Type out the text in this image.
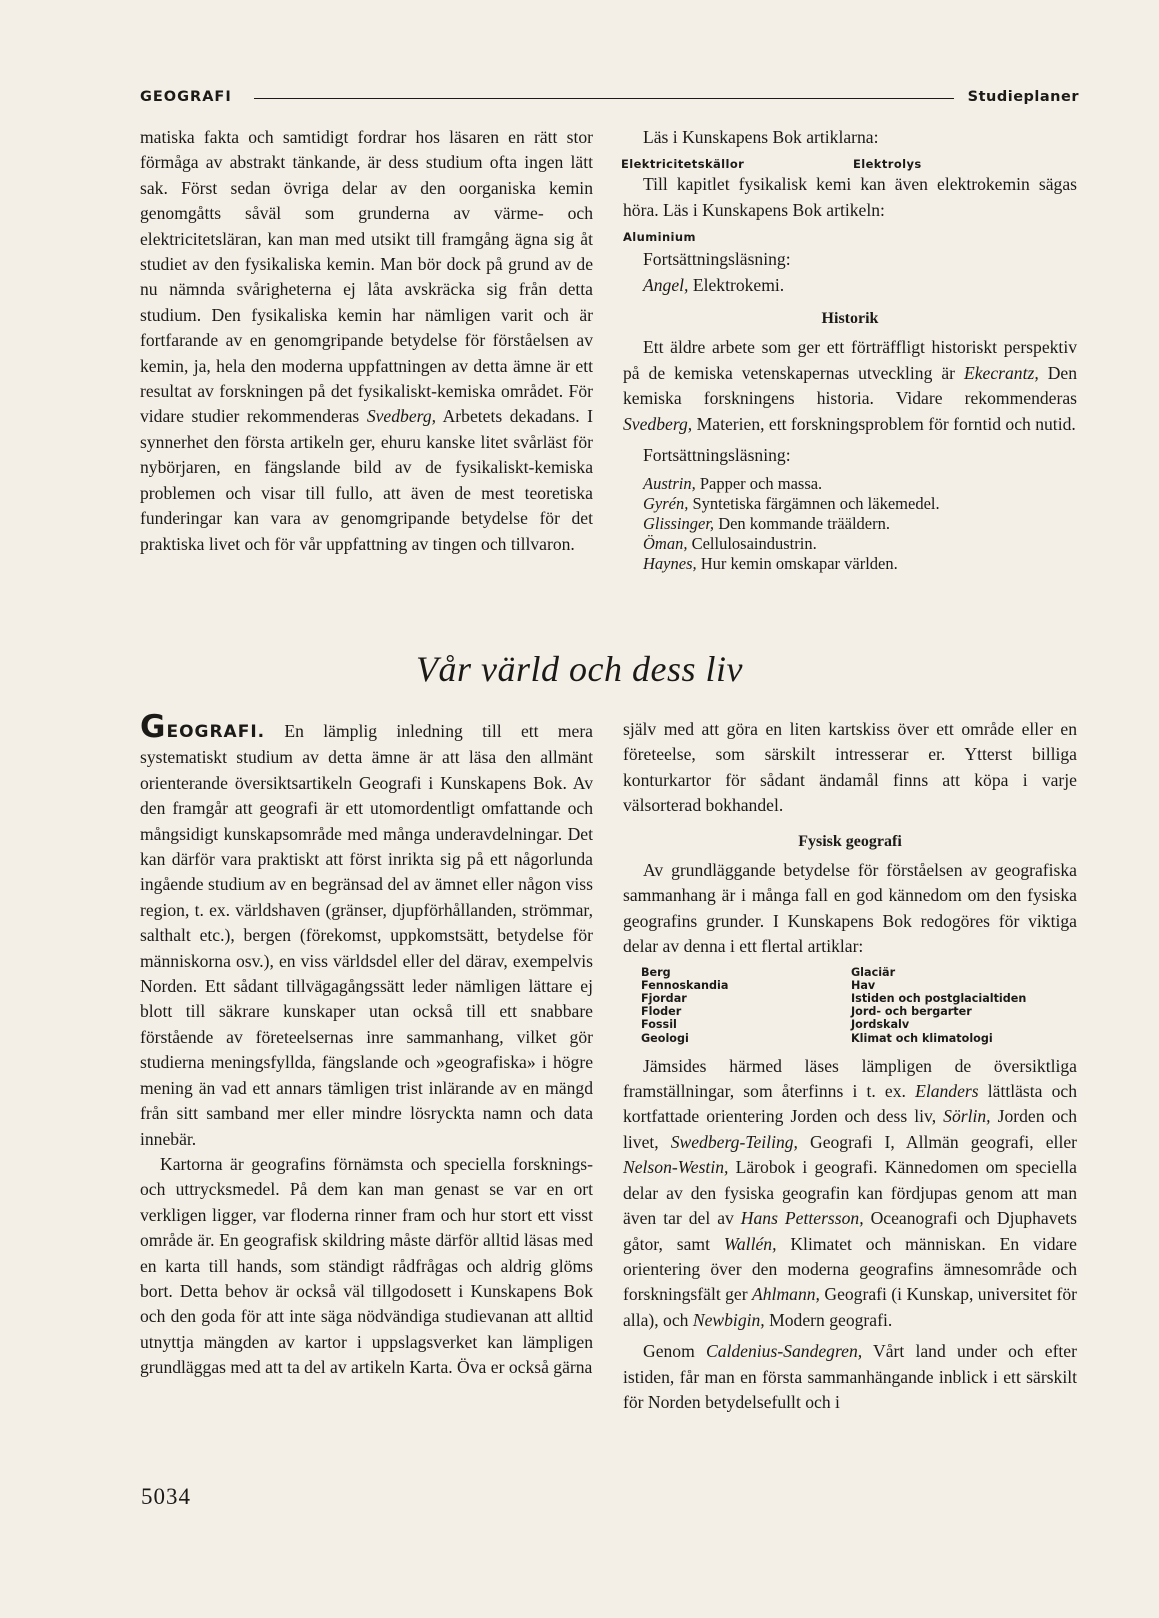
GEOGRAFI	Studieplaner

matiska fakta och samtidigt fordrar hos läsaren en rätt stor förmåga av abstrakt tänkande, är dess studium ofta ingen lätt sak. Först sedan övriga delar av den oorganiska kemin genomgåtts såväl som grunderna av värme- och elektricitetsläran, kan man med utsikt till framgång ägna sig åt studiet av den fysikaliska kemin. Man bör dock på grund av de nu nämnda svårigheterna ej låta avskräcka sig från detta studium. Den fysikaliska kemin har nämligen varit och är fortfarande av en genomgripande betydelse för förståelsen av kemin, ja, hela den moderna uppfattningen av detta ämne är ett resultat av forskningen på det fysikaliskt-kemiska området. För vidare studier rekommenderas Svedberg, Arbetets dekadans. I synnerhet den första artikeln ger, ehuru kanske litet svårläst för nybörjaren, en fängslande bild av de fysikaliskt-kemiska problemen och visar till fullo, att även de mest teoretiska funderingar kan vara av genomgripande betydelse för det praktiska livet och för vår uppfattning av tingen och tillvaron.

Läs i Kunskapens Bok artiklarna:

Elektricitetskällor	Elektrolys

Till kapitlet fysikalisk kemi kan även elektrokemin sägas höra. Läs i Kunskapens Bok artikeln:

Aluminium

Fortsättningsläsning:

Angel, Elektrokemi.

Historik

Ett äldre arbete som ger ett förträffligt historiskt perspektiv på de kemiska vetenskapernas utveckling är Ekecrantz, Den kemiska forskningens historia. Vidare rekommenderas Svedberg, Materien, ett forskningsproblem för forntid och nutid.

Fortsättningsläsning:

Austrin, Papper och massa.
Gyrén, Syntetiska färgämnen och läkemedel.
Glissinger, Den kommande trääldern.
Öman, Cellulosaindustrin.
Haynes, Hur kemin omskapar världen.
Vår värld och dess liv

GEOGRAFI. En lämplig inledning till ett mera systematiskt studium av detta ämne är att läsa den allmänt orienterande översiktsartikeln Geografi i Kunskapens Bok. Av den framgår att geografi är ett utomordentligt omfattande och mångsidigt kunskapsområde med många underavdelningar. Det kan därför vara praktiskt att först inrikta sig på ett någorlunda ingående studium av en begränsad del av ämnet eller någon viss region, t. ex. världshaven (gränser, djupförhållanden, strömmar, salthalt etc.), bergen (förekomst, uppkomstsätt, betydelse för människorna osv.), en viss världsdel eller del därav, exempelvis Norden. Ett sådant tillvägagångssätt leder nämligen lättare ej blott till säkrare kunskaper utan också till ett snabbare förstående av företeelsernas inre sammanhang, vilket gör studierna meningsfylldа, fängslande och »geografiska» i högre mening än vad ett annars tämligen trist inlärande av en mängd från sitt samband mer eller mindre lösryckta namn och data innebär.

Kartorna är geografins förnämsta och speciella forsknings- och uttrycksmedel. På dem kan man genast se var en ort verkligen ligger, var floderna rinner fram och hur stort ett visst område är. En geografisk skildring måste därför alltid läsas med en karta till hands, som ständigt rådfrågas och aldrig glöms bort. Detta behov är också väl tillgodosett i Kunskapens Bok och den goda för att inte säga nödvändiga studievanan att alltid utnyttja mängden av kartor i uppslagsverket kan lämpligen grundläggas med att ta del av artikeln Karta. Öva er också gärna

själv med att göra en liten kartskiss över ett område eller en företeelse, som särskilt intresserar er. Ytterst billiga konturkartor för sådant ändamål finns att köpa i varje välsorterad bokhandel.

Fysisk geografi

Av grundläggande betydelse för förståelsen av geografiska sammanhang är i många fall en god kännedom om den fysiska geografins grunder. I Kunskapens Bok redogöres för viktiga delar av denna i ett flertal artiklar:

Berg
Fennoskandia
Fjordar
Floder
Fossil
Geologi
Glaciär
Hav
Istiden och postglacialtiden
Jord- och bergarter
Jordskalv
Klimat och klimatologi

Jämsides härmed läses lämpligen de översiktliga framställningar, som återfinns i t. ex. Elanders lättlästa och kortfattade orientering Jorden och dess liv, Sörlin, Jorden och livet, Swedberg-Teiling, Geografi I, Allmän geografi, eller Nelson-Westin, Lärobok i geografi. Kännedomen om speciella delar av den fysiska geografin kan fördjupas genom att man även tar del av Hans Pettersson, Oceanografi och Djuphavets gåtor, samt Wallén, Klimatet och människan. En vidare orientering över den moderna geografins ämnesområde och forskningsfält ger Ahlmann, Geografi (i Kunskap, universitet för alla), och Newbigin, Modern geografi.

Genom Caldenius-Sandegren, Vårt land under och efter istiden, får man en första sammanhängande inblick i ett särskilt för Norden betydelsefullt och i

5034
